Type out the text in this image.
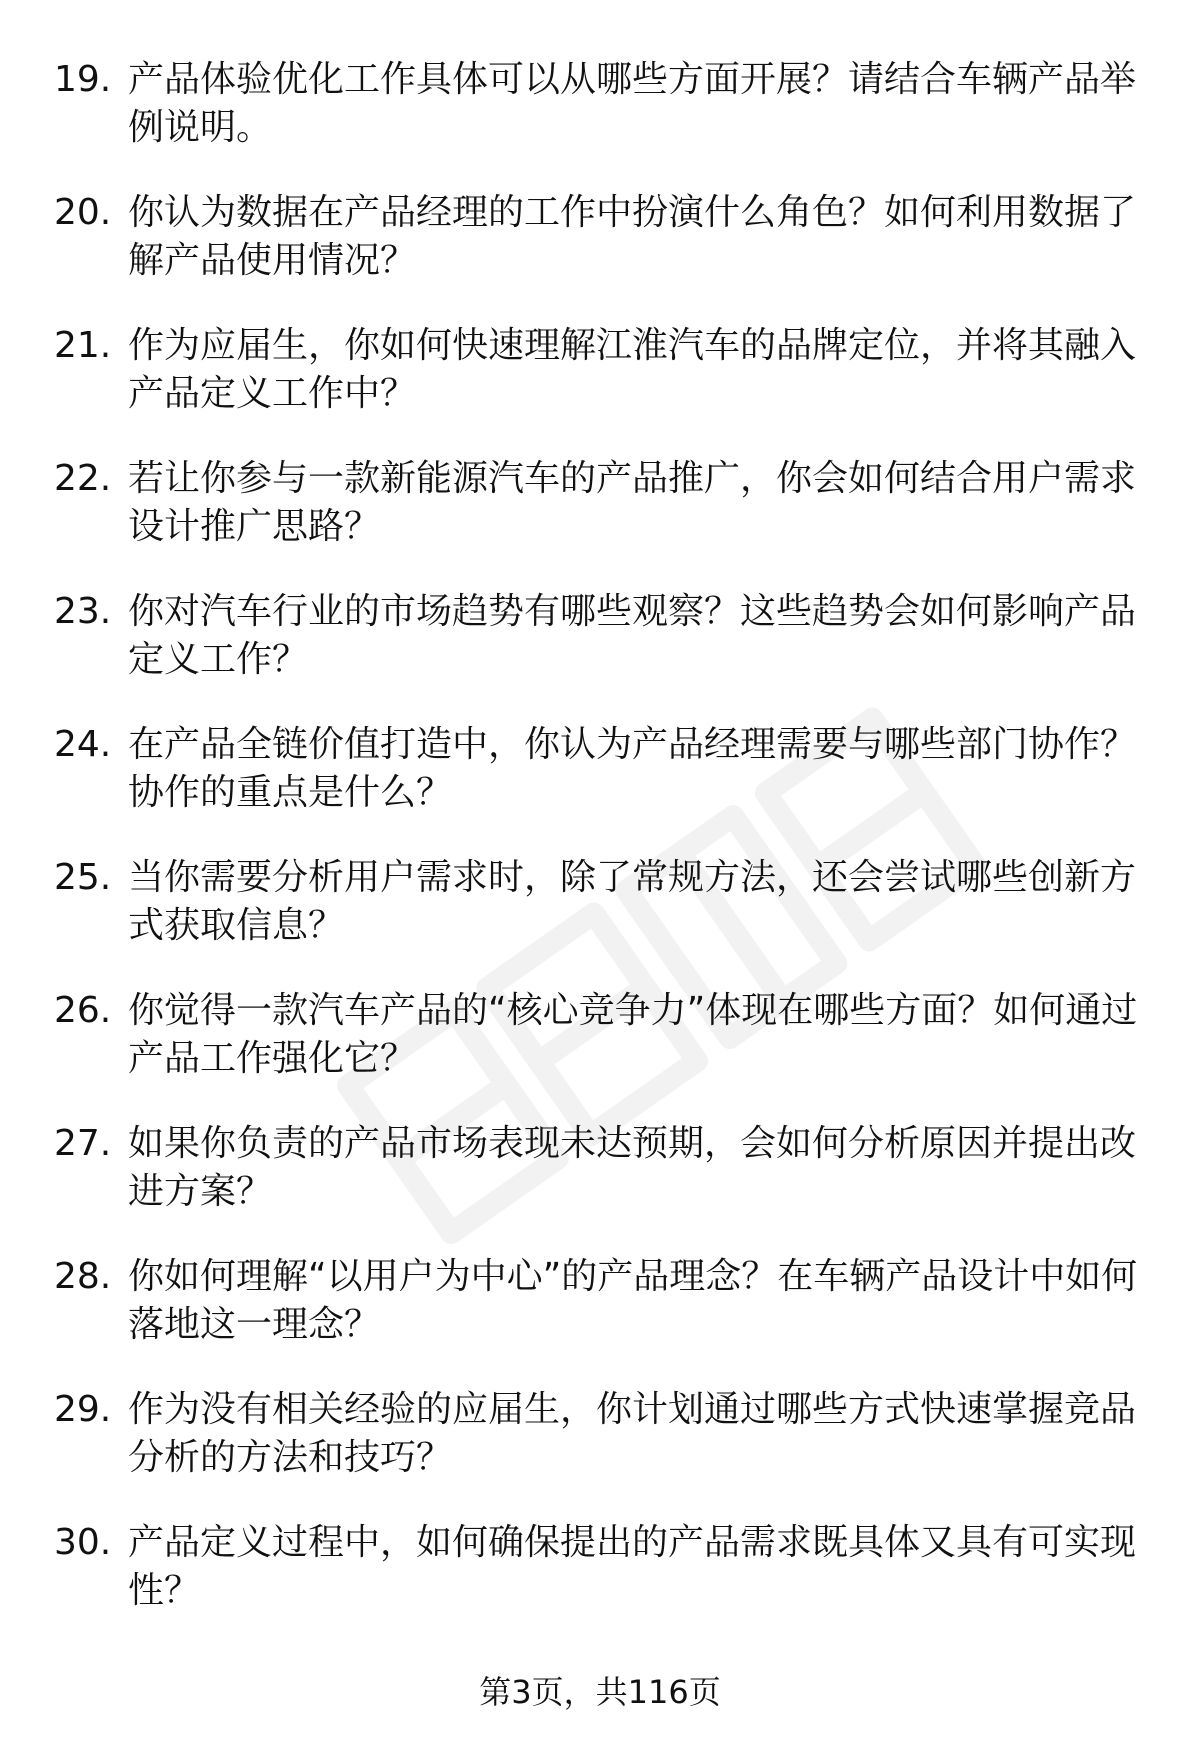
19. 产品体验优化工作具体可以从哪些方面开展？请结合车辆产品举例说明。
20. 你认为数据在产品经理的工作中扮演什么角色？如何利用数据了解产品使用情况？
21. 作为应届生，你如何快速理解江淮汽车的品牌定位，并将其融入产品定义工作中？
22. 若让你参与一款新能源汽车的产品推广，你会如何结合用户需求设计推广思路？
23. 你对汽车行业的市场趋势有哪些观察？这些趋势会如何影响产品定义工作？
24. 在产品全链价值打造中，你认为产品经理需要与哪些部门协作？协作的重点是什么？
25. 当你需要分析用户需求时，除了常规方法，还会尝试哪些创新方式获取信息？
26. 你觉得一款汽车产品的“核心竞争力”体现在哪些方面？如何通过产品工作强化它？
27. 如果你负责的产品市场表现未达预期，会如何分析原因并提出改进方案？
28. 你如何理解“以用户为中心”的产品理念？在车辆产品设计中如何落地这一理念？
29. 作为没有相关经验的应届生，你计划通过哪些方式快速掌握竞品分析的方法和技巧？
30. 产品定义过程中，如何确保提出的产品需求既具体又具有可实现性？
第3页，共116页
